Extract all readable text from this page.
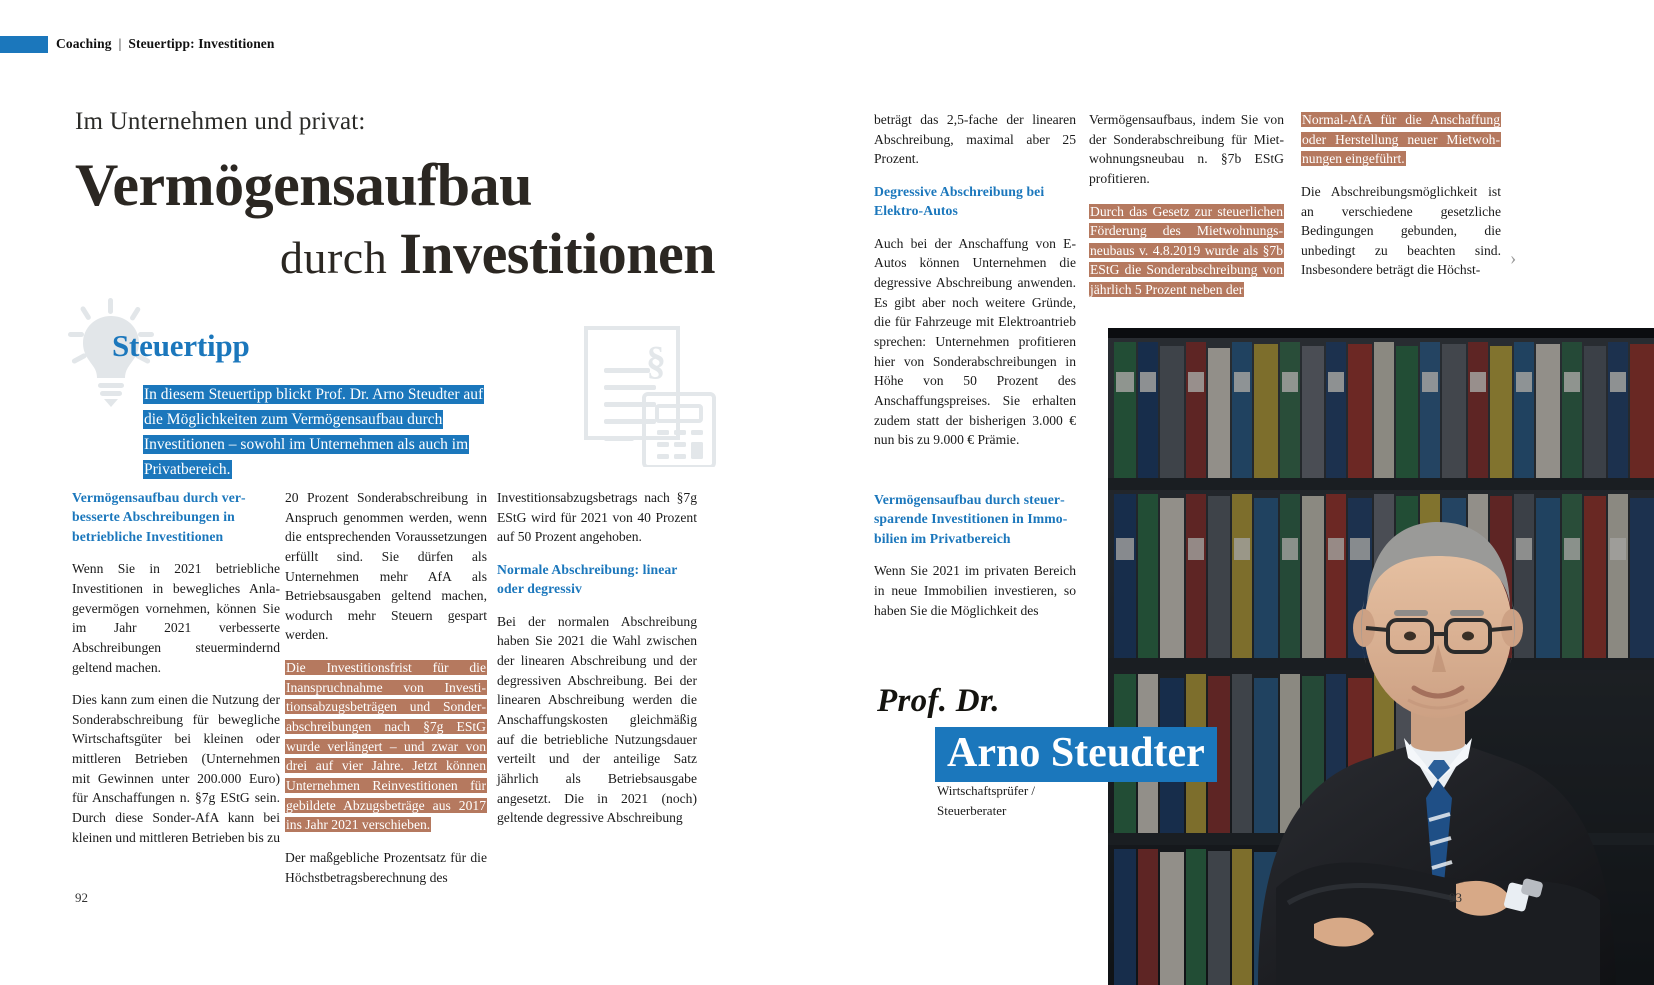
Coaching | Steuertipp: Investitionen
Im Unternehmen und privat:
Vermögensaufbau
durch Investitionen
Steuertipp
In diesem Steuertipp blickt Prof. Dr. Arno Steudter auf die Möglichkeiten zum Vermögensaufbau durch Investitionen – sowohl im Unternehmen als auch im Privatbereich.
§
Vermögensaufbau durch verbesserte Abschreibungen in betriebliche Investitionen

Wenn Sie in 2021 betriebliche Investitionen in bewegliches Anlagevermögen vornehmen, können Sie im Jahr 2021 verbesserte Abschreibungen steuermindernd geltend machen.

Dies kann zum einen die Nutzung der Sonderabschreibung für bewegliche Wirtschaftsgüter bei kleinen oder mittleren Betrieben (Unternehmen mit Gewinnen unter 200.000 Euro) für Anschaffungen n. §7g EStG sein. Durch diese Sonder-AfA kann bei kleinen und mittleren Betrieben bis zu

20 Prozent Sonderabschreibung in Anspruch genommen werden, wenn die entsprechenden Voraussetzungen erfüllt sind. Sie dürfen als Unternehmen mehr AfA als Betriebsausgaben geltend machen, wodurch mehr Steuern gespart werden.

Die Investitionsfrist für die Inanspruchnahme von Investitionsabzugsbeträgen und Sonderabschreibungen nach §7g EStG wurde verlängert – und zwar von drei auf vier Jahre. Jetzt können Unternehmen Reinvestitionen für gebildete Abzugsbeträge aus 2017 ins Jahr 2021 verschieben.

Der maßgebliche Prozentsatz für die Höchstbetragsberechnung des

Investitionsabzugsbetrags nach §7g EStG wird für 2021 von 40 Prozent auf 50 Prozent angehoben.

Normale Abschreibung: linear oder degressiv

Bei der normalen Abschreibung haben Sie 2021 die Wahl zwischen der linearen Abschreibung und der degressiven Abschreibung. Bei der linearen Abschreibung werden die Anschaffungskosten gleichmäßig auf die betriebliche Nutzungsdauer verteilt und der anteilige Satz jährlich als Betriebsausgabe angesetzt. Die in 2021 (noch) geltende degressive Abschreibung

beträgt das 2,5-fache der linearen Abschreibung, maximal aber 25 Prozent.

Degressive Abschreibung bei Elektro-Autos

Auch bei der Anschaffung von E-Autos können Unternehmen die degressive Abschreibung anwenden. Es gibt aber noch weitere Gründe, die für Fahrzeuge mit Elektroantrieb sprechen: Unternehmen profitieren hier von Sonderabschreibungen in Höhe von 50 Prozent des Anschaffungspreises. Sie erhalten zudem statt der bisherigen 3.000 € nun bis zu 9.000 € Prämie.

Vermögensaufbau durch steuersparende Investitionen in Immobilien im Privatbereich

Wenn Sie 2021 im privaten Bereich in neue Immobilien investieren, so haben Sie die Möglichkeit des

Vermögensaufbaus, indem Sie von der Sonderabschreibung für Mietwohnungsneubau n. §7b EStG profitieren.

Durch das Gesetz zur steuerlichen Förderung des Mietwohnungsneubaus v. 4.8.2019 wurde als §7b EStG die Sonderabschreibung von jährlich 5 Prozent neben der

Normal-AfA für die Anschaffung oder Herstellung neuer Mietwohnungen eingeführt.

Die Abschreibungsmöglichkeit ist an verschiedene gesetzliche Bedingungen gebunden, die unbedingt zu beachten sind. Insbesondere beträgt die Höchst-

›
Prof. Dr.
Arno Steudter
Wirtschaftsprüfer /
Steuerberater
92	93
